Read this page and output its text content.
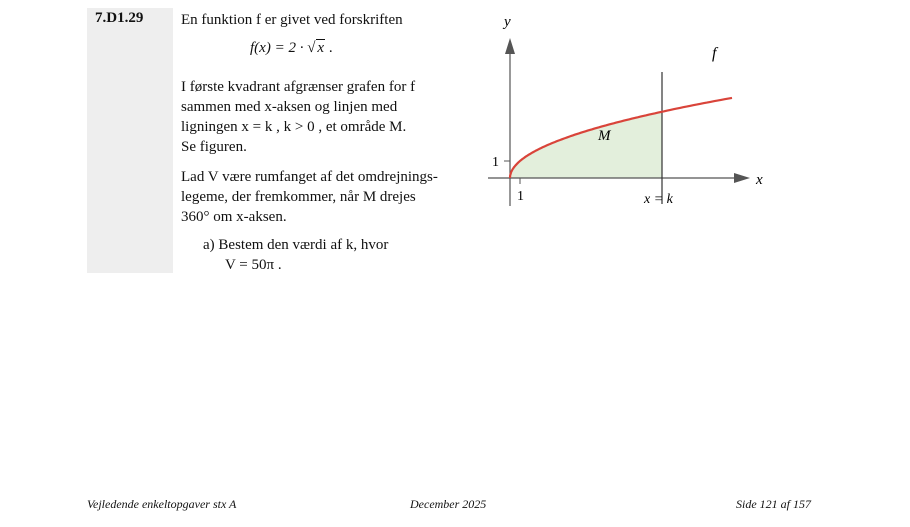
7.D1.29	En funktion f er givet ved forskriften

f(x) = 2 · √ x .
I første kvadrant afgrænser grafen for f
sammen med x-aksen og linjen med
ligningen x = k , k > 0 , et område M.
Se figuren.
Lad V være rumfanget af det omdrejnings-
legeme, der fremkommer, når M drejes
360° om x-aksen.
a) Bestem den værdi af k, hvor
V = 50π .
y
x
f
M
x = k
1
1
Vejledende enkeltopgaver stx A	December 2025	Side 121 af 157
